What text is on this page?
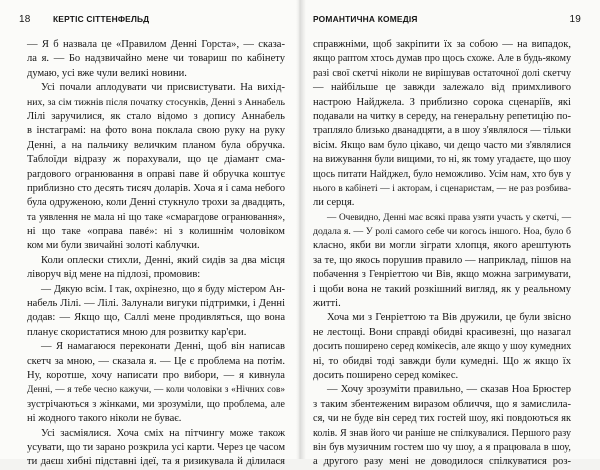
18	КЕРТІС СІТТЕНФЕЛЬД
— Я б назвала це «Правилом Денні Горста», — сказа-
ла я. — Бо надзвичайно мене чи товариш по кабінету
думаю, усі вже чули великі новини.
Усі почали аплодувати чи присвистувати. На вихід-
них, за сім тижнів після початку стосунків, Денні з Аннабель
Лілі заручилися, як стало відомо з допису Аннабель
в інстаграмі: на фото вона поклала свою руку на руку
Денні, а на пальчику величким планом була обручка.
Таблоїди відразу ж порахували, що це діамант сма-
рагдового огранювання в оправі паве й обручка коштує
приблизно сто десять тисяч доларів. Хоча я і сама небого
була одруженою, коли Денні стукнуло трохи за двадцять,
та уявлення не мала ні що таке «смарагдове огранювання»,
ні що таке «оправа павé»: ні з колишнім чоловіком
ком ми були звичайні золоті каблучки.
Коли оплески стихли, Денні, який сидів за два місця
ліворуч від мене на підлозі, промовив:
— Дякую всім. І так, охрінезно, що я буду містером Ан-
набель Лілі. — Лілі. Залунали вигуки підтримки, і Денні
додав: — Якщо що, Саллі мене продивляться, що вона
планує скористатися мною для розвитку кар'єри.
— Я намагаюся переконати Денні, щоб він написав
скетч за мною, — сказала я. — Це є проблема на потім.
Ну, коротше, хочу написати про вибори, — я кивнула
Денні, — я тебе чесно кажучи, — коли чоловіки з «Нічних сов»
зустрічаються з жінками, ми зрозуміли, що проблема, але
ні жодного такого ніколи не буває.
Усі засміялися. Хоча сміх на пітчингу може також
усувати, що ти зарано розкрила усі карти. Через це часом
ти даєш хибні підставні ідеї, та я ризикувала й ділилася
РОМАНТИЧНА КОМЕДІЯ	19
справжніми, щоб закріпити їх за собою — на випадок,
якщо раптом хтось думав про щось схоже. Але в будь-якому
разі свої скетчі ніколи не вирішував остаточної долі скетчу
— найбільше це завжди залежало від примхливого
настрою Найджела. З приблизно сорока сценаріїв, які
подавали на читку в середу, на генеральну репетицію по-
трапляло близько дванадцяти, а в шоу з'являлося — тільки
вісім. Якщо вам було цікаво, чи дещо часто ми з'являлися
на вижування були вищими, то ні, як тому угадаєте, що шоу
щось питати Найджел, було неможливо. Усім нам, хто був у
нього в кабінеті — і акторам, і сценаристам, — не раз розбива-
ли серця.
— Очевидно, Денні має всякі права узяти участь у скетчі, —
додала я. — У ролі самого себе чи когось іншого. Ноа, було б
класно, якби ви могли зіграти хлопця, якого арештують
за те, що якось порушив правило — наприклад, пішов на
побачення з Генріеттою чи Вів, якщо можна загримувати,
і щоби вона не такий розкішний вигляд, як у реальному
житті.
Хоча ми з Генріеттою та Вів дружили, це були звісно
не лестощі. Вони справді обидві красивезні, що назагал
досить поширено серед комікесів, але якщо у шоу кумедних
ні, то обидві тоді завжди були кумедні. Що ж якщо їх
досить поширено серед комікес.
— Хочу зрозуміти правильно, — сказав Ноа Брюстер
з таким збентеженим виразом обличчя, що я замислила-
ся, чи не буде він серед тих гостей шоу, які повдоються як
колів. Я знав його чи раніше не спілкувалися. Першого разу
він був музичним гостем шо чу шоу, а я працювала в шоу,
а другого разу мені не доводилося спілкуватися роз-
